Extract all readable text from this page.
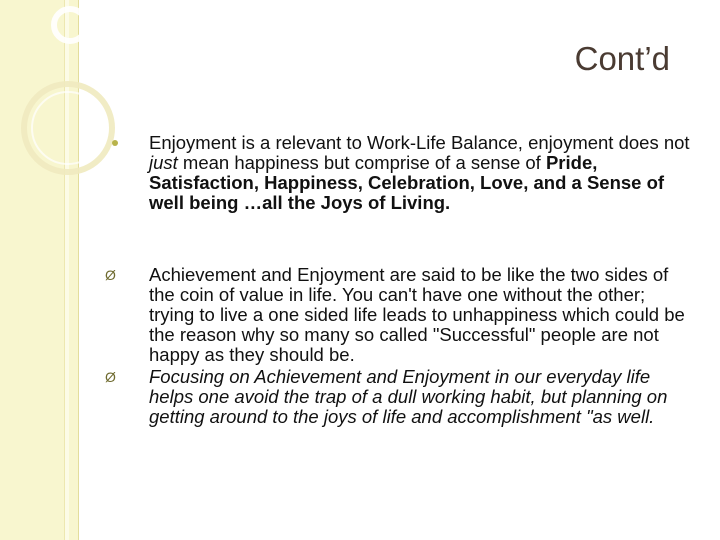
Cont’d
Enjoyment is a relevant to Work-Life Balance, enjoyment does not just mean happiness but comprise of a sense of Pride, Satisfaction, Happiness, Celebration, Love, and a Sense of well being …all the Joys of Living.
Ø Achievement and Enjoyment are said to be like the two sides of the coin of value in life. You can't have one without the other; trying to live a one sided life leads to unhappiness which could be the reason why so many so called "Successful" people are not happy as they should be.
Ø Focusing on Achievement and Enjoyment in our everyday life helps one avoid the trap of a dull working habit, but planning on getting around to the joys of life and accomplishment "as well.
